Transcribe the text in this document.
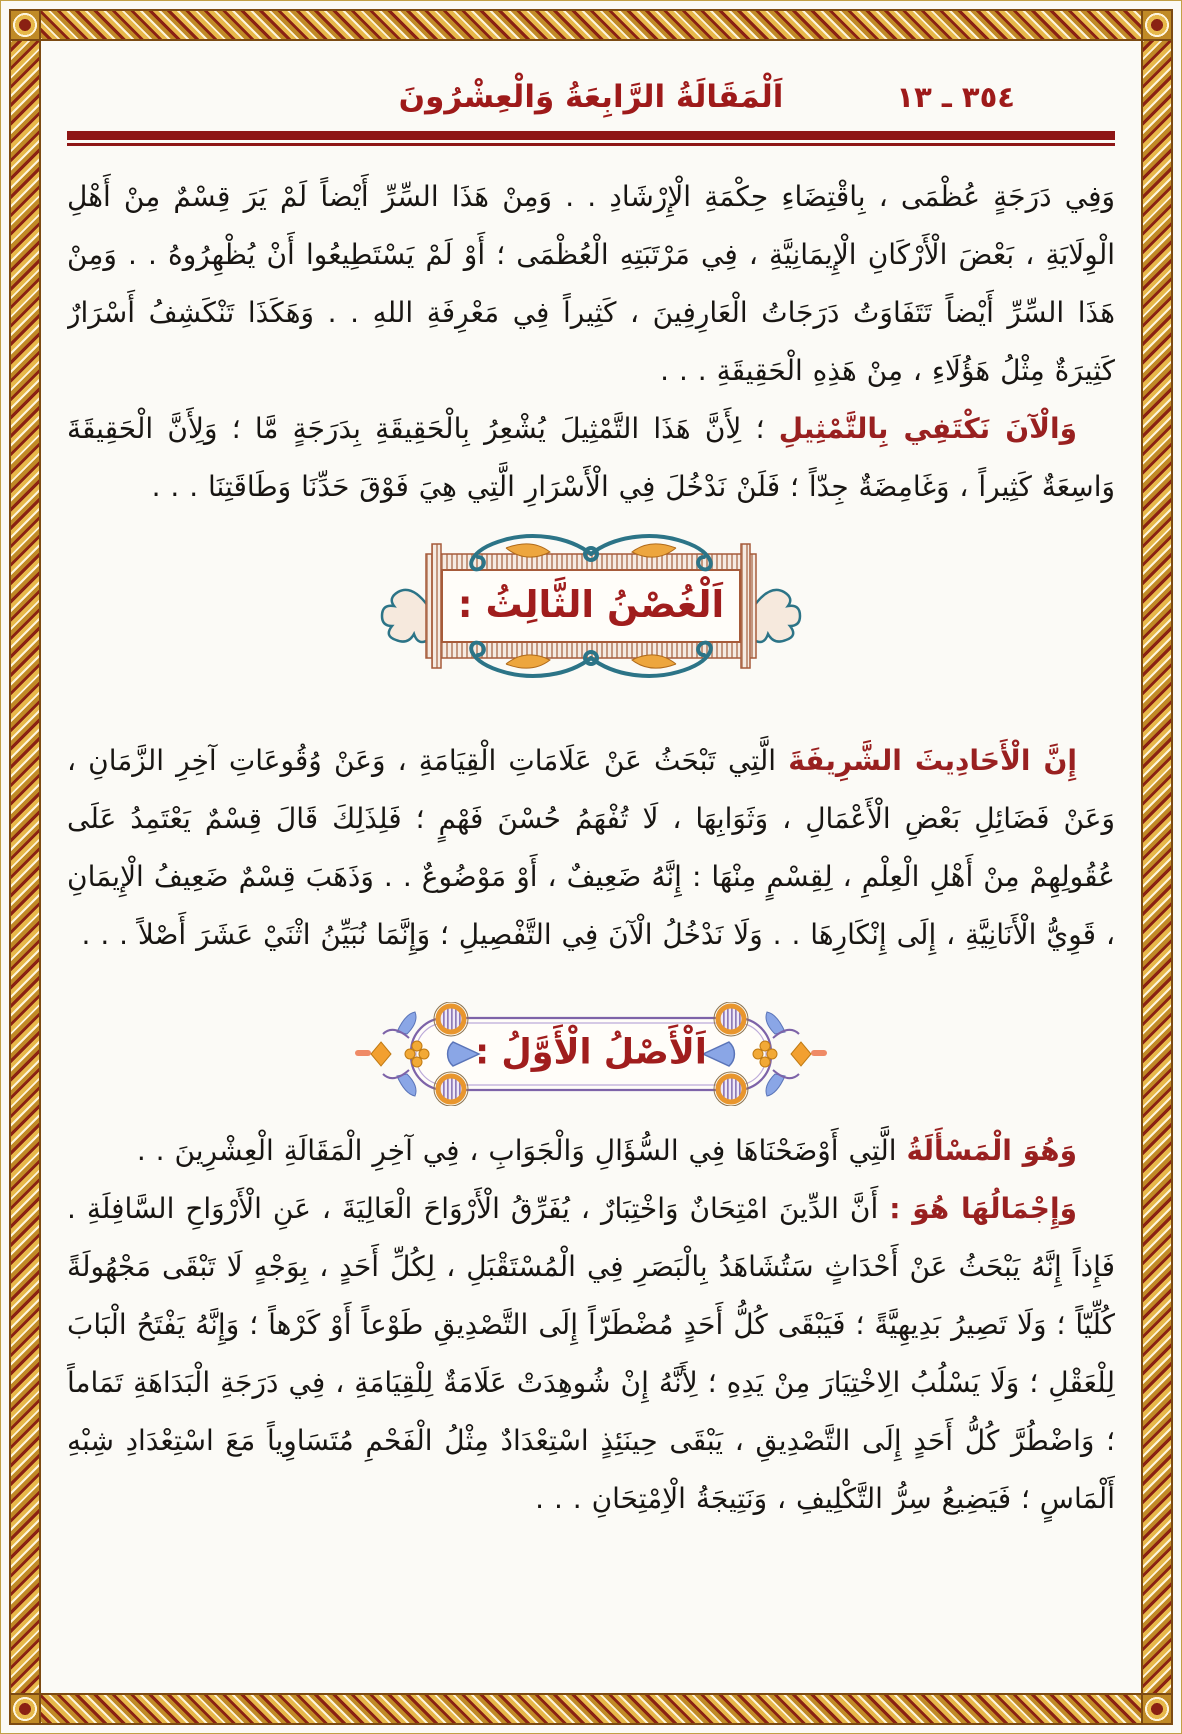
اَلْمَقَالَةُ الرَّابِعَةُ وَالْعِشْرُونَ	٣٥٤ ـ ١٣

وَفِي دَرَجَةٍ عُظْمَى ، بِاقْتِضَاءِ حِكْمَةِ الْإِرْشَادِ . . وَمِنْ هَذَا السِّرِّ أَيْضاً لَمْ يَرَ قِسْمٌ مِنْ أَهْلِ الْوِلَايَةِ ، بَعْضَ الْأَرْكَانِ الْإِيمَانِيَّةِ ، فِي مَرْتَبَتِهِ الْعُظْمَى ؛ أَوْ لَمْ يَسْتَطِيعُوا أَنْ يُظْهِرُوهُ . . وَمِنْ هَذَا السِّرِّ أَيْضاً تَتَفَاوَتُ دَرَجَاتُ الْعَارِفِينَ ، كَثِيراً فِي مَعْرِفَةِ اللهِ . . وَهَكَذَا تَنْكَشِفُ أَسْرَارٌ كَثِيرَةٌ مِثْلُ هَؤُلَاءِ ، مِنْ هَذِهِ الْحَقِيقَةِ . . .

وَالْآنَ نَكْتَفِي بِالتَّمْثِيلِ ؛ لِأَنَّ هَذَا التَّمْثِيلَ يُشْعِرُ بِالْحَقِيقَةِ بِدَرَجَةٍ مَّا ؛ وَلِأَنَّ الْحَقِيقَةَ وَاسِعَةٌ كَثِيراً ، وَغَامِضَةٌ جِدّاً ؛ فَلَنْ نَدْخُلَ فِي الْأَسْرَارِ الَّتِي هِيَ فَوْقَ حَدِّنَا وَطَاقَتِنَا . . .

اَلْغُصْنُ الثَّالِثُ :

إِنَّ الْأَحَادِيثَ الشَّرِيفَةَ الَّتِي تَبْحَثُ عَنْ عَلَامَاتِ الْقِيَامَةِ ، وَعَنْ وُقُوعَاتِ آخِرِ الزَّمَانِ ، وَعَنْ فَضَائِلِ بَعْضِ الْأَعْمَالِ ، وَثَوَابِهَا ، لَا تُفْهَمُ حُسْنَ فَهْمٍ ؛ فَلِذَلِكَ قَالَ قِسْمٌ يَعْتَمِدُ عَلَى عُقُولِهِمْ مِنْ أَهْلِ الْعِلْمِ ، لِقِسْمٍ مِنْهَا : إِنَّهُ ضَعِيفٌ ، أَوْ مَوْضُوعٌ . . وَذَهَبَ قِسْمٌ ضَعِيفُ الْإِيمَانِ ، قَوِيُّ الْأَنَانِيَّةِ ، إِلَى إِنْكَارِهَا . . وَلَا نَدْخُلُ الْآنَ فِي التَّفْصِيلِ ؛ وَإِنَّمَا نُبَيِّنُ اثْنَيْ عَشَرَ أَصْلاً . . .

اَلْأَصْلُ الْأَوَّلُ :

وَهُوَ الْمَسْأَلَةُ الَّتِي أَوْضَحْنَاهَا فِي السُّؤَالِ وَالْجَوَابِ ، فِي آخِرِ الْمَقَالَةِ الْعِشْرِينَ . .

وَإِجْمَالُهَا هُوَ : أَنَّ الدِّينَ امْتِحَانٌ وَاخْتِبَارٌ ، يُفَرِّقُ الْأَرْوَاحَ الْعَالِيَةَ ، عَنِ الْأَرْوَاحِ السَّافِلَةِ . فَإِذاً إِنَّهُ يَبْحَثُ عَنْ أَحْدَاثٍ سَتُشَاهَدُ بِالْبَصَرِ فِي الْمُسْتَقْبَلِ ، لِكُلِّ أَحَدٍ ، بِوَجْهٍ لَا تَبْقَى مَجْهُولَةً كُلِّيّاً ؛ وَلَا تَصِيرُ بَدِيهِيَّةً ؛ فَيَبْقَى كُلُّ أَحَدٍ مُضْطَرّاً إِلَى التَّصْدِيقِ طَوْعاً أَوْ كَرْهاً ؛ وَإِنَّهُ يَفْتَحُ الْبَابَ لِلْعَقْلِ ؛ وَلَا يَسْلُبُ الِاخْتِيَارَ مِنْ يَدِهِ ؛ لِأَنَّهُ إِنْ شُوهِدَتْ عَلَامَةٌ لِلْقِيَامَةِ ، فِي دَرَجَةِ الْبَدَاهَةِ تَمَاماً ؛ وَاضْطُرَّ كُلُّ أَحَدٍ إِلَى التَّصْدِيقِ ، يَبْقَى حِينَئِذٍ اسْتِعْدَادٌ مِثْلُ الْفَحْمِ مُتَسَاوِياً مَعَ اسْتِعْدَادِ شِبْهِ أَلْمَاسٍ ؛ فَيَضِيعُ سِرُّ التَّكْلِيفِ ، وَنَتِيجَةُ الْاِمْتِحَانِ . . .
